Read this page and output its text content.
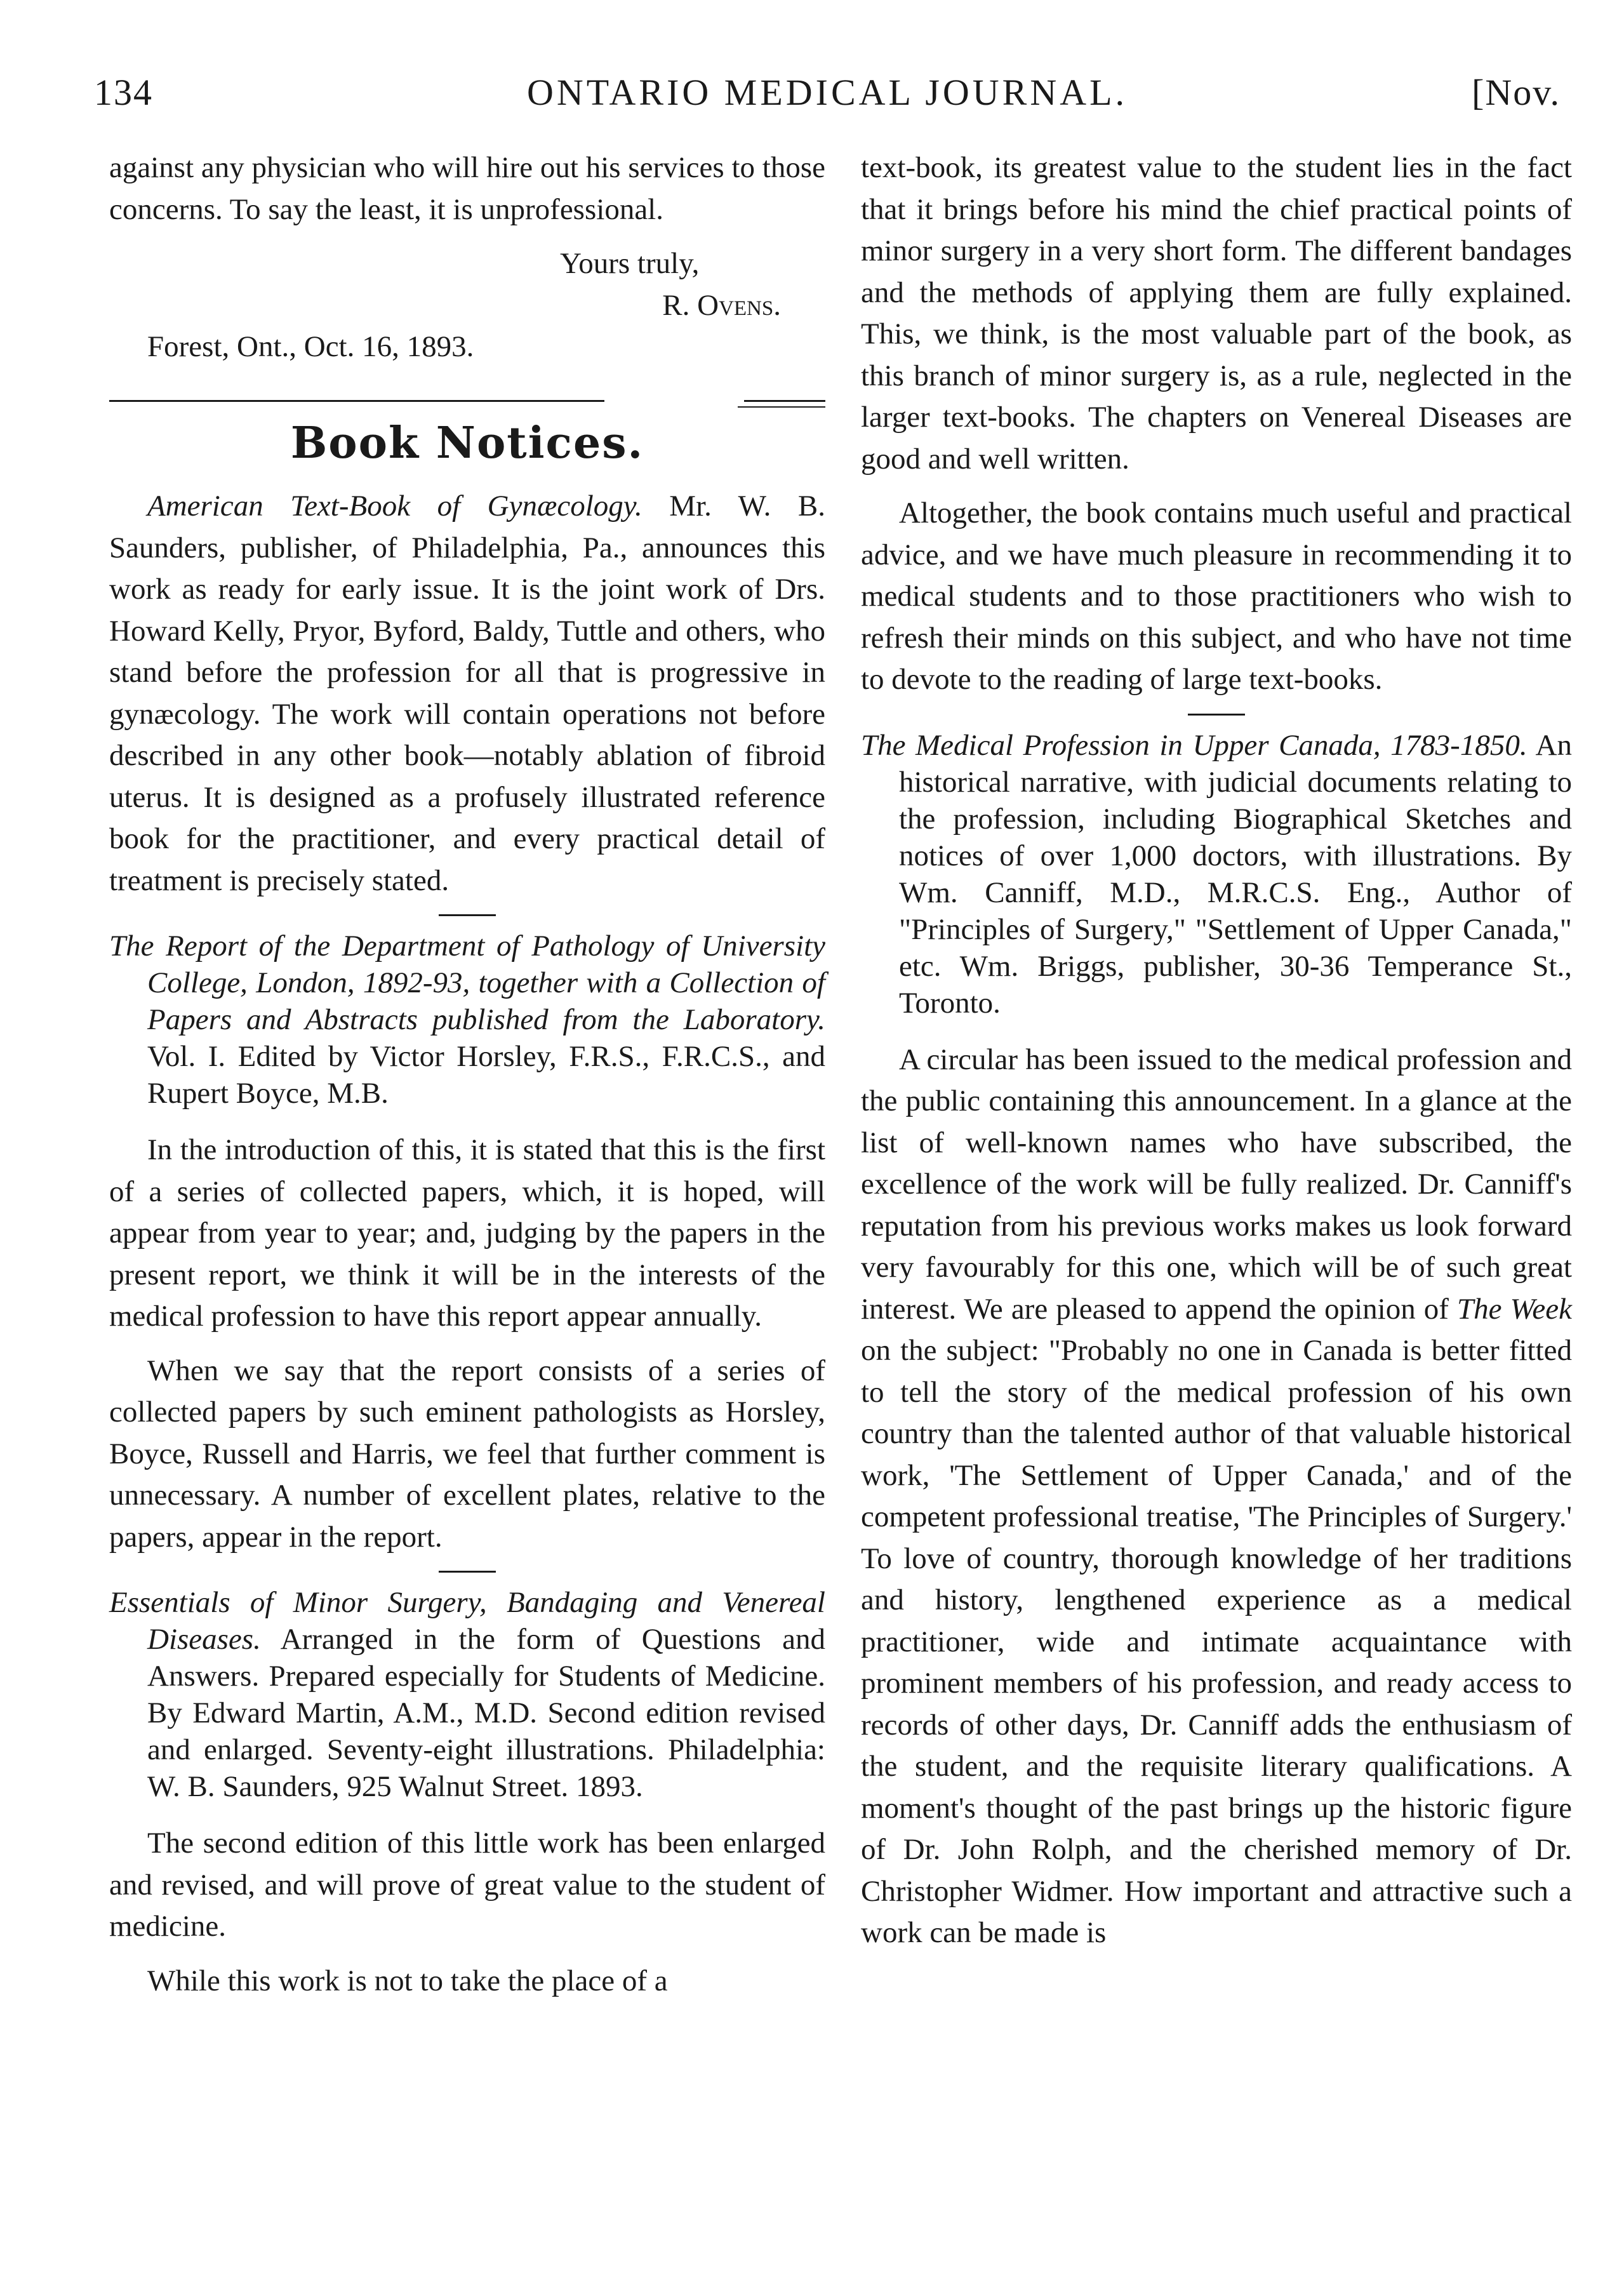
134	ONTARIO MEDICAL JOURNAL.	[Nov.

against any physician who will hire out his services to those concerns. To say the least, it is unprofessional.

Yours truly,

R. Ovens.

Forest, Ont., Oct. 16, 1893.

Book Notices.

American Text-Book of Gynæcology. Mr. W. B. Saunders, publisher, of Philadelphia, Pa., announces this work as ready for early issue. It is the joint work of Drs. Howard Kelly, Pryor, Byford, Baldy, Tuttle and others, who stand before the profession for all that is progressive in gynæcology. The work will contain operations not before described in any other book—notably ablation of fibroid uterus. It is designed as a profusely illustrated reference book for the practitioner, and every practical detail of treatment is precisely stated.

The Report of the Department of Pathology of University College, London, 1892-93, together with a Collection of Papers and Abstracts published from the Laboratory. Vol. I. Edited by Victor Horsley, F.R.S., F.R.C.S., and Rupert Boyce, M.B.

In the introduction of this, it is stated that this is the first of a series of collected papers, which, it is hoped, will appear from year to year; and, judging by the papers in the present report, we think it will be in the interests of the medical profession to have this report appear annually.

When we say that the report consists of a series of collected papers by such eminent pathologists as Horsley, Boyce, Russell and Harris, we feel that further comment is unnecessary. A number of excellent plates, relative to the papers, appear in the report.

Essentials of Minor Surgery, Bandaging and Venereal Diseases. Arranged in the form of Questions and Answers. Prepared especially for Students of Medicine. By Edward Martin, A.M., M.D. Second edition revised and enlarged. Seventy-eight illustrations. Philadelphia: W. B. Saunders, 925 Walnut Street. 1893.

The second edition of this little work has been enlarged and revised, and will prove of great value to the student of medicine.

While this work is not to take the place of a

text-book, its greatest value to the student lies in the fact that it brings before his mind the chief practical points of minor surgery in a very short form. The different bandages and the methods of applying them are fully explained. This, we think, is the most valuable part of the book, as this branch of minor surgery is, as a rule, neglected in the larger text-books. The chapters on Venereal Diseases are good and well written.

Altogether, the book contains much useful and practical advice, and we have much pleasure in recommending it to medical students and to those practitioners who wish to refresh their minds on this subject, and who have not time to devote to the reading of large text-books.

The Medical Profession in Upper Canada, 1783-1850. An historical narrative, with judicial documents relating to the profession, including Biographical Sketches and notices of over 1,000 doctors, with illustrations. By Wm. Canniff, M.D., M.R.C.S. Eng., Author of "Principles of Surgery," "Settlement of Upper Canada," etc. Wm. Briggs, publisher, 30-36 Temperance St., Toronto.

A circular has been issued to the medical profession and the public containing this announcement. In a glance at the list of well-known names who have subscribed, the excellence of the work will be fully realized. Dr. Canniff's reputation from his previous works makes us look forward very favourably for this one, which will be of such great interest. We are pleased to append the opinion of The Week on the subject: "Probably no one in Canada is better fitted to tell the story of the medical profession of his own country than the talented author of that valuable historical work, 'The Settlement of Upper Canada,' and of the competent professional treatise, 'The Principles of Surgery.' To love of country, thorough knowledge of her traditions and history, lengthened experience as a medical practitioner, wide and intimate acquaintance with prominent members of his profession, and ready access to records of other days, Dr. Canniff adds the enthusiasm of the student, and the requisite literary qualifications. A moment's thought of the past brings up the historic figure of Dr. John Rolph, and the cherished memory of Dr. Christopher Widmer. How important and attractive such a work can be made is
